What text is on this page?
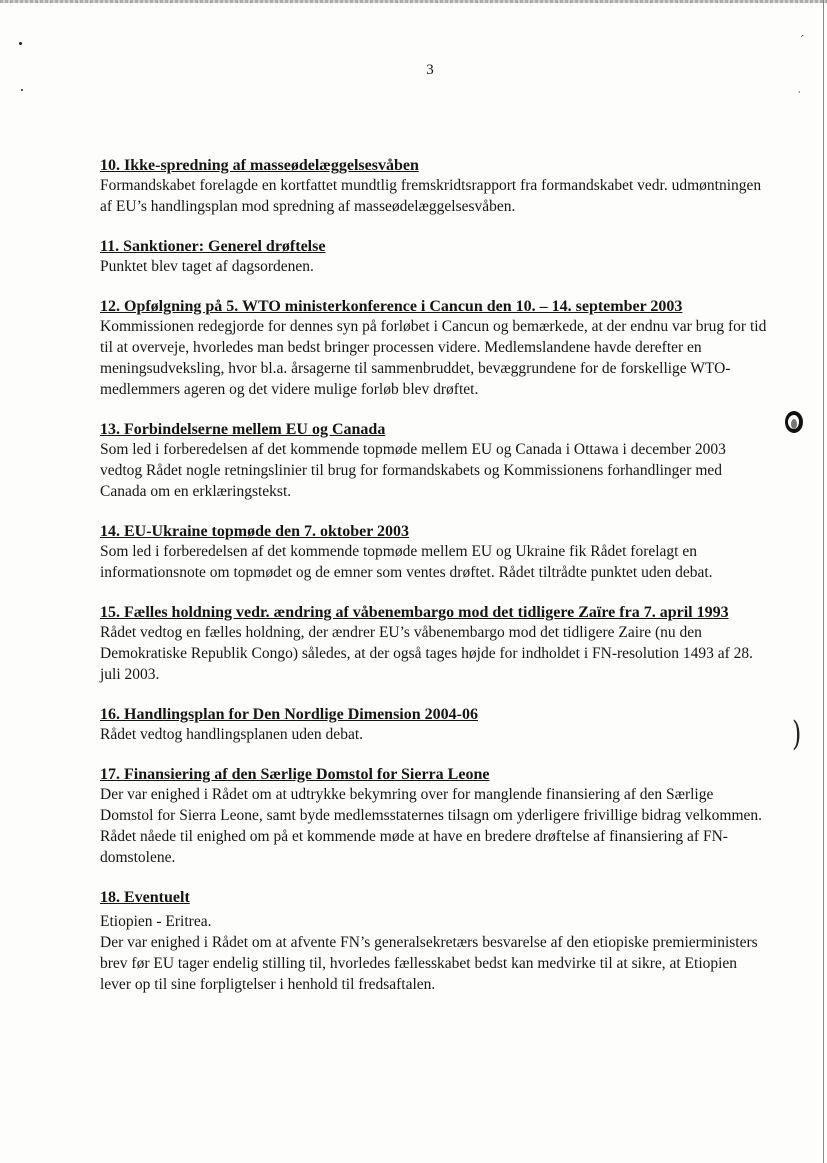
ˊ
ˌ
3
10. Ikke-spredning af masseødelæggelsesvåben

Formandskabet forelagde en kortfattet mundtlig fremskridtsrapport fra formandskabet vedr. udmøntningen af EU’s handlingsplan mod spredning af masseødelæggelsesvåben.

11. Sanktioner: Generel drøftelse

Punktet blev taget af dagsordenen.

12. Opfølgning på 5. WTO ministerkonference i Cancun den 10. – 14. september 2003

Kommissionen redegjorde for dennes syn på forløbet i Cancun og bemærkede, at der endnu var brug for tid til at overveje, hvorledes man bedst bringer processen videre. Medlemslandene havde derefter en meningsudveksling, hvor bl.a. årsagerne til sammenbruddet, bevæggrundene for de forskellige WTO-medlemmers ageren og det videre mulige forløb blev drøftet.

13. Forbindelserne mellem EU og Canada

Som led i forberedelsen af det kommende topmøde mellem EU og Canada i Ottawa i december 2003 vedtog Rådet nogle retningslinier til brug for formandskabets og Kommissionens forhandlinger med Canada om en erklæringstekst.

14. EU-Ukraine topmøde den 7. oktober 2003

Som led i forberedelsen af det kommende topmøde mellem EU og Ukraine fik Rådet forelagt en informationsnote om topmødet og de emner som ventes drøftet. Rådet tiltrådte punktet uden debat.

15. Fælles holdning vedr. ændring af våbenembargo mod det tidligere Zaïre fra 7. april 1993

Rådet vedtog en fælles holdning, der ændrer EU’s våbenembargo mod det tidligere Zaire (nu den Demokratiske Republik Congo) således, at der også tages højde for indholdet i FN-resolution 1493 af 28. juli 2003.

16. Handlingsplan for Den Nordlige Dimension 2004-06

Rådet vedtog handlingsplanen uden debat.

17. Finansiering af den Særlige Domstol for Sierra Leone

Der var enighed i Rådet om at udtrykke bekymring over for manglende finansiering af den Særlige Domstol for Sierra Leone, samt byde medlemsstaternes tilsagn om yderligere frivillige bidrag velkommen. Rådet nåede til enighed om på et kommende møde at have en bredere drøftelse af finansiering af FN-domstolene.

18. Eventuelt

Etiopien - Eritrea.

Der var enighed i Rådet om at afvente FN’s generalsekretærs besvarelse af den etiopiske premierministers brev før EU tager endelig stilling til, hvorledes fællesskabet bedst kan medvirke til at sikre, at Etiopien lever op til sine forpligtelser i henhold til fredsaftalen.

)
